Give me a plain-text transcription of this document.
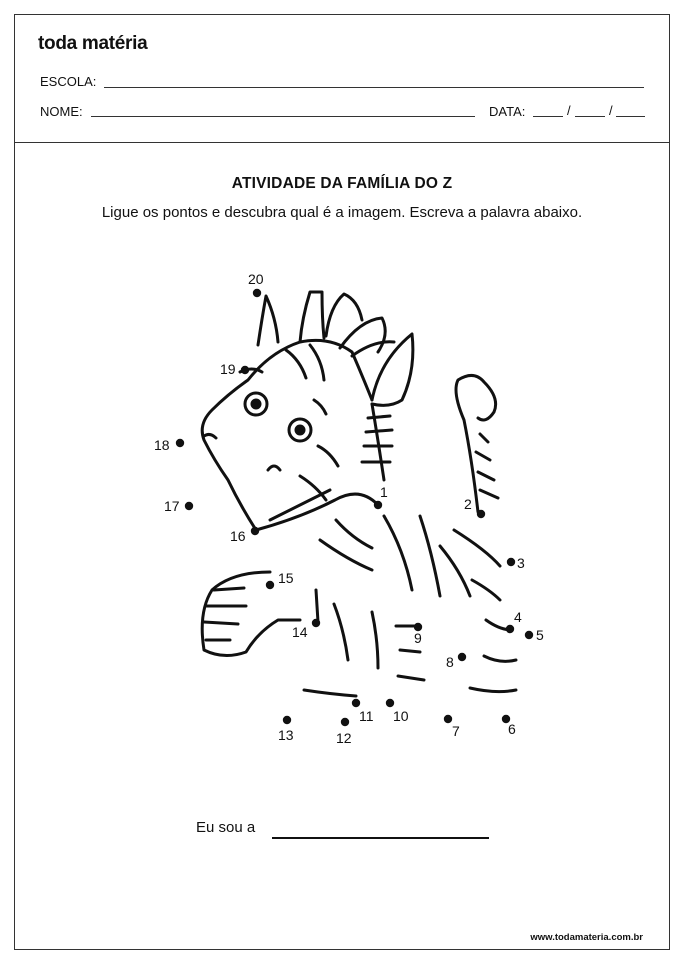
toda matéria
ESCOLA:
NOME:	DATA:	/	/
ATIVIDADE DA FAMÍLIA DO Z
Ligue os pontos e descubra qual é a imagem. Escreva a palavra abaixo.
1
2
3
4
5
6
7
8
9
10
11
12
13
14
15
16
17
18
19
20
Eu sou a
www.todamateria.com.br
